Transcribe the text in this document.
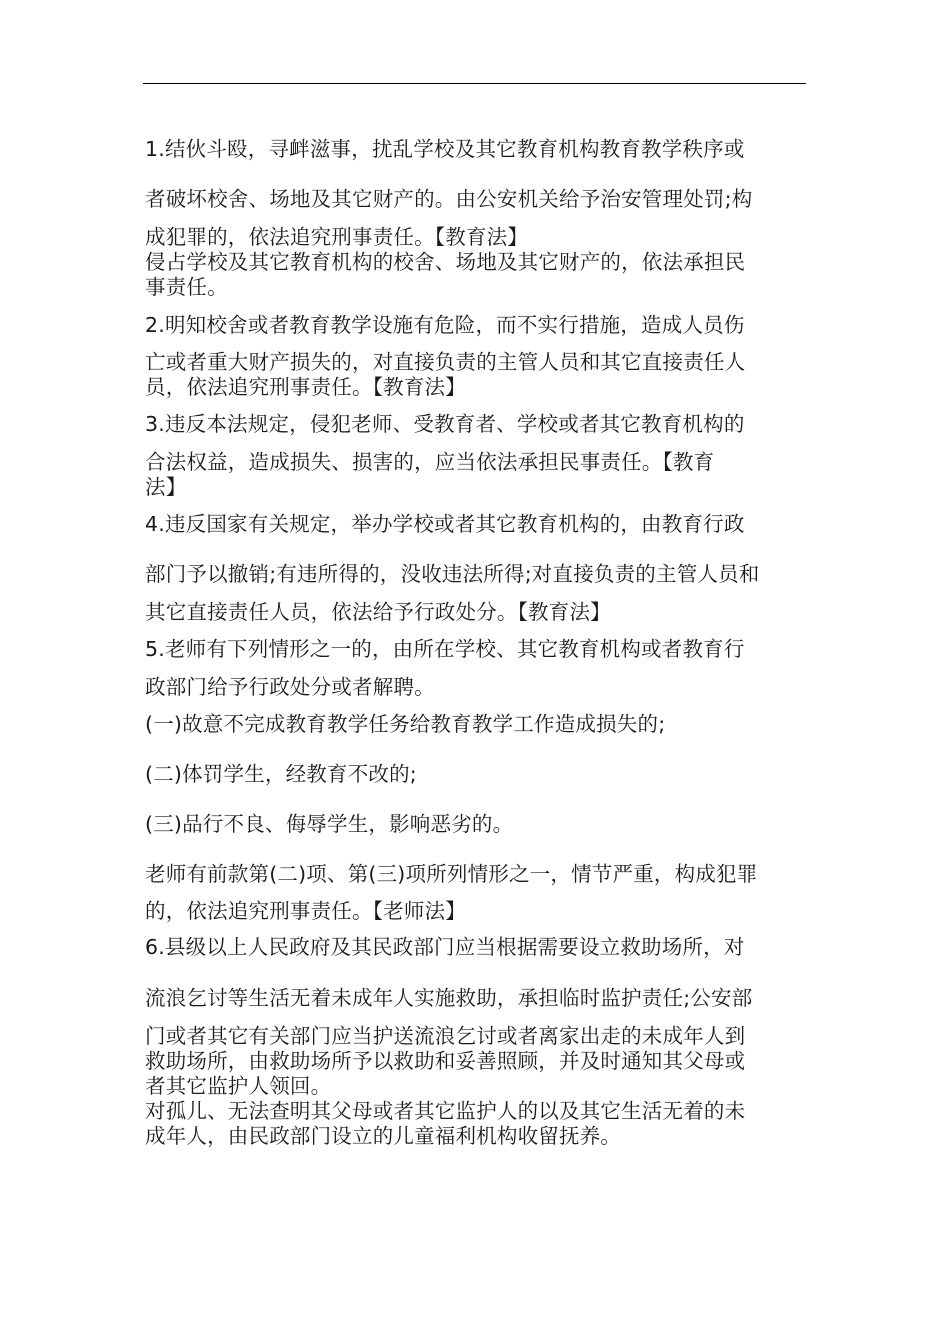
1.结伙斗殴，寻衅滋事，扰乱学校及其它教育机构教育教学秩序或

者破坏校舍、场地及其它财产的。由公安机关给予治安管理处罚;构

成犯罪的，依法追究刑事责任。【教育法】

侵占学校及其它教育机构的校舍、场地及其它财产的，依法承担民

事责任。

2.明知校舍或者教育教学设施有危险，而不实行措施，造成人员伤

亡或者重大财产损失的，对直接负责的主管人员和其它直接责任人

员，依法追究刑事责任。【教育法】

3.违反本法规定，侵犯老师、受教育者、学校或者其它教育机构的

合法权益，造成损失、损害的，应当依法承担民事责任。【教育

法】

4.违反国家有关规定，举办学校或者其它教育机构的，由教育行政

部门予以撤销;有违所得的，没收违法所得;对直接负责的主管人员和

其它直接责任人员，依法给予行政处分。【教育法】

5.老师有下列情形之一的，由所在学校、其它教育机构或者教育行

政部门给予行政处分或者解聘。

(一)故意不完成教育教学任务给教育教学工作造成损失的;

(二)体罚学生，经教育不改的;

(三)品行不良、侮辱学生，影响恶劣的。

老师有前款第(二)项、第(三)项所列情形之一，情节严重，构成犯罪

的，依法追究刑事责任。【老师法】

6.县级以上人民政府及其民政部门应当根据需要设立救助场所，对

流浪乞讨等生活无着未成年人实施救助，承担临时监护责任;公安部

门或者其它有关部门应当护送流浪乞讨或者离家出走的未成年人到

救助场所，由救助场所予以救助和妥善照顾，并及时通知其父母或

者其它监护人领回。

对孤儿、无法查明其父母或者其它监护人的以及其它生活无着的未

成年人，由民政部门设立的儿童福利机构收留抚养。
